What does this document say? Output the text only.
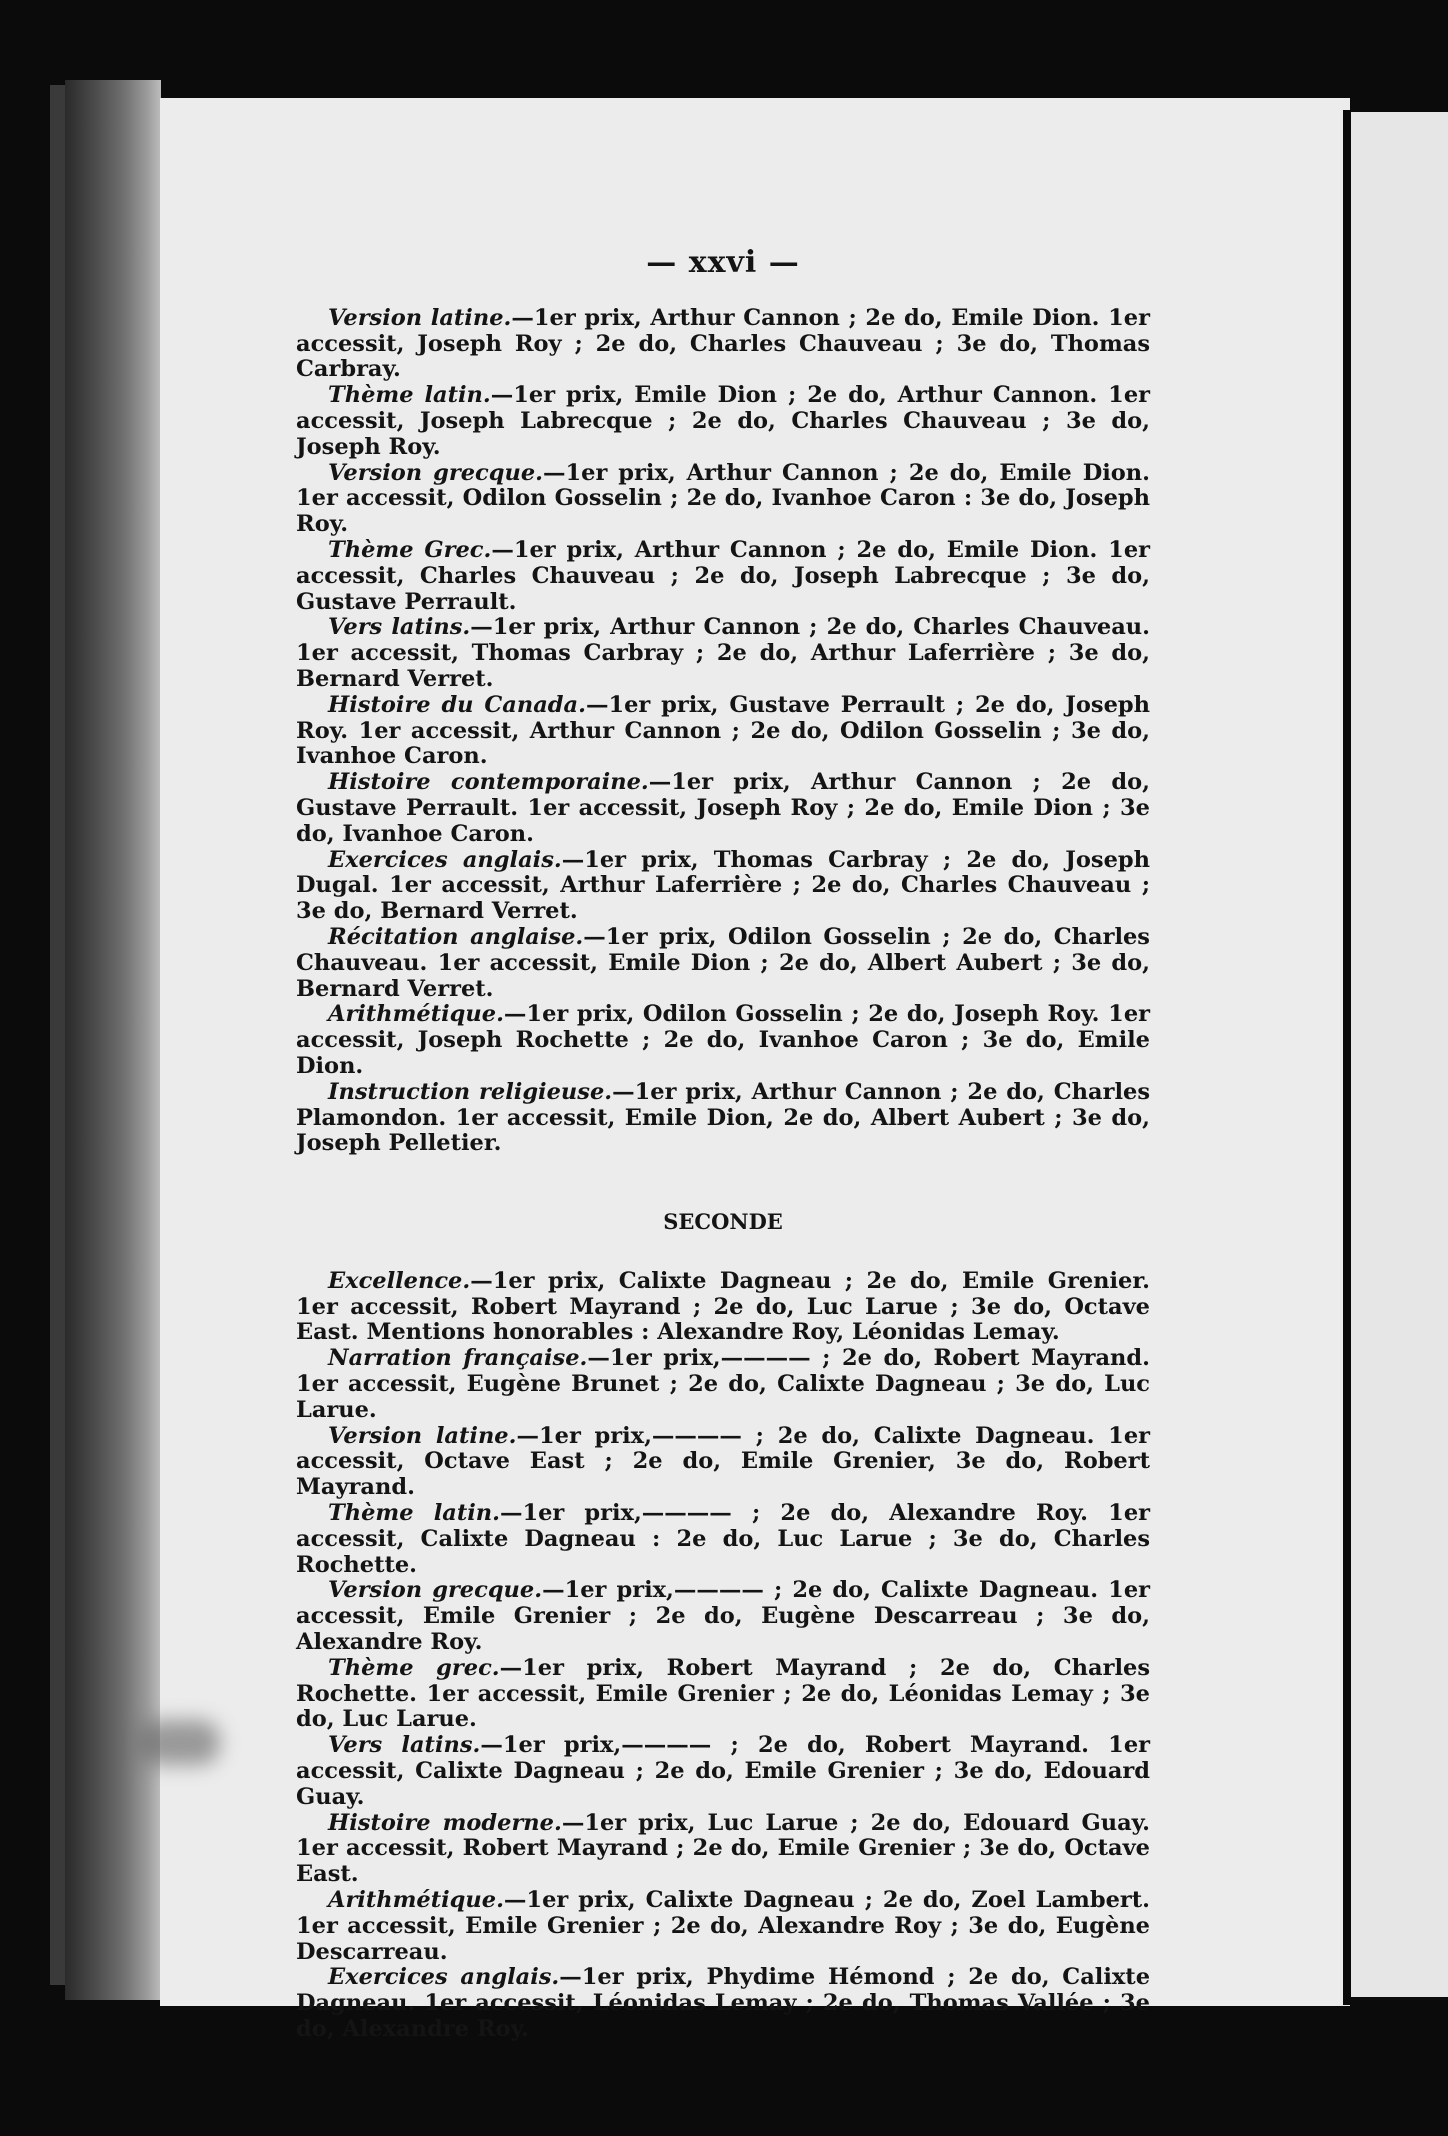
— xxvi —

Version latine.—1er prix, Arthur Cannon ; 2e do, Emile Dion. 1er accessit, Joseph Roy ; 2e do, Charles Chauveau ; 3e do, Thomas Carbray.

Thème latin.—1er prix, Emile Dion ; 2e do, Arthur Cannon. 1er accessit, Joseph Labrecque ; 2e do, Charles Chauveau ; 3e do, Joseph Roy.

Version grecque.—1er prix, Arthur Cannon ; 2e do, Emile Dion. 1er accessit, Odilon Gosselin ; 2e do, Ivanhoe Caron : 3e do, Joseph Roy.

Thème Grec.—1er prix, Arthur Cannon ; 2e do, Emile Dion. 1er accessit, Charles Chauveau ; 2e do, Joseph Labrecque ; 3e do, Gustave Perrault.

Vers latins.—1er prix, Arthur Cannon ; 2e do, Charles Chauveau. 1er accessit, Thomas Carbray ; 2e do, Arthur Laferrière ; 3e do, Bernard Verret.

Histoire du Canada.—1er prix, Gustave Perrault ; 2e do, Joseph Roy. 1er accessit, Arthur Cannon ; 2e do, Odilon Gosselin ; 3e do, Ivanhoe Caron.

Histoire contemporaine.—1er prix, Arthur Cannon ; 2e do, Gustave Perrault. 1er accessit, Joseph Roy ; 2e do, Emile Dion ; 3e do, Ivanhoe Caron.

Exercices anglais.—1er prix, Thomas Carbray ; 2e do, Joseph Dugal. 1er accessit, Arthur Laferrière ; 2e do, Charles Chauveau ; 3e do, Bernard Verret.

Récitation anglaise.—1er prix, Odilon Gosselin ; 2e do, Charles Chauveau. 1er accessit, Emile Dion ; 2e do, Albert Aubert ; 3e do, Bernard Verret.

Arithmétique.—1er prix, Odilon Gosselin ; 2e do, Joseph Roy. 1er accessit, Joseph Rochette ; 2e do, Ivanhoe Caron ; 3e do, Emile Dion.

Instruction religieuse.—1er prix, Arthur Cannon ; 2e do, Charles Plamondon. 1er accessit, Emile Dion, 2e do, Albert Aubert ; 3e do, Joseph Pelletier.

SECONDE

Excellence.—1er prix, Calixte Dagneau ; 2e do, Emile Grenier. 1er accessit, Robert Mayrand ; 2e do, Luc Larue ; 3e do, Octave East. Mentions honorables : Alexandre Roy, Léonidas Lemay.

Narration française.—1er prix,———— ; 2e do, Robert Mayrand. 1er accessit, Eugène Brunet ; 2e do, Calixte Dagneau ; 3e do, Luc Larue.

Version latine.—1er prix,———— ; 2e do, Calixte Dagneau. 1er accessit, Octave East ; 2e do, Emile Grenier, 3e do, Robert Mayrand.

Thème latin.—1er prix,———— ; 2e do, Alexandre Roy. 1er accessit, Calixte Dagneau : 2e do, Luc Larue ; 3e do, Charles Rochette.

Version grecque.—1er prix,———— ; 2e do, Calixte Dagneau. 1er accessit, Emile Grenier ; 2e do, Eugène Descarreau ; 3e do, Alexandre Roy.

Thème grec.—1er prix, Robert Mayrand ; 2e do, Charles Rochette. 1er accessit, Emile Grenier ; 2e do, Léonidas Lemay ; 3e do, Luc Larue.

Vers latins.—1er prix,———— ; 2e do, Robert Mayrand. 1er accessit, Calixte Dagneau ; 2e do, Emile Grenier ; 3e do, Edouard Guay.

Histoire moderne.—1er prix, Luc Larue ; 2e do, Edouard Guay. 1er accessit, Robert Mayrand ; 2e do, Emile Grenier ; 3e do, Octave East.

Arithmétique.—1er prix, Calixte Dagneau ; 2e do, Zoel Lambert. 1er accessit, Emile Grenier ; 2e do, Alexandre Roy ; 3e do, Eugène Descarreau.

Exercices anglais.—1er prix, Phydime Hémond ; 2e do, Calixte Dagneau. 1er accessit, Léonidas Lemay ; 2e do, Thomas Vallée ; 3e do, Alexandre Roy.
